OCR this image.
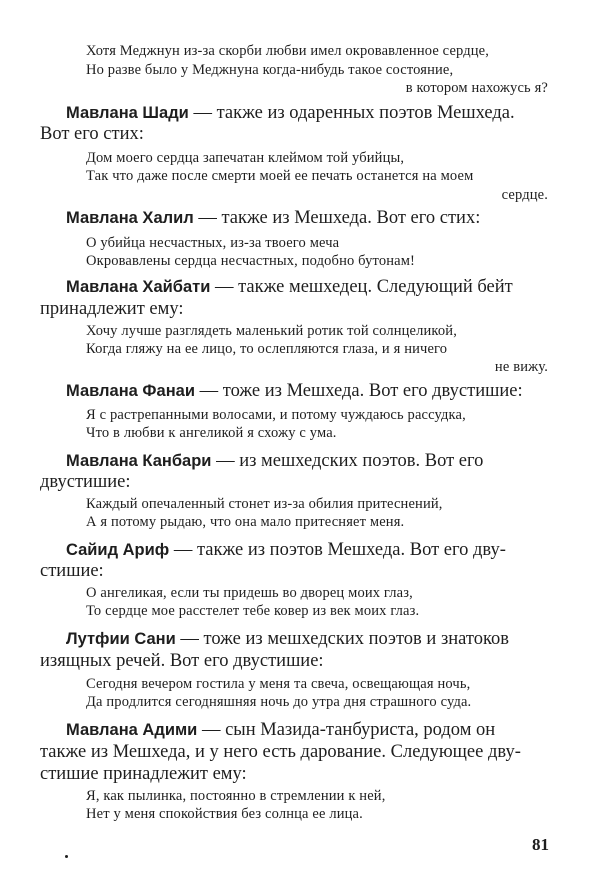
Хотя Меджнун из-за скорби любви имел окровавленное сердце,
Но разве было у Меджнуна когда-нибудь такое состояние,
в котором нахожусь я?
Мавлана Шади — также из одаренных поэтов Мешхеда.
Вот его стих:
Дом моего сердца запечатан клеймом той убийцы,
Так что даже после смерти моей ее печать останется на моем
сердце.
Мавлана Халил — также из Мешхеда. Вот его стих:
О убийца несчастных, из-за твоего меча
Окровавлены сердца несчастных, подобно бутонам!
Мавлана Хайбати — также мешхедец. Следующий бейт
принадлежит ему:
Хочу лучше разглядеть маленький ротик той солнцеликой,
Когда гляжу на ее лицо, то ослепляются глаза, и я ничего
не вижу.
Мавлана Фанаи — тоже из Мешхеда. Вот его двустишие:
Я с растрепанными волосами, и потому чуждаюсь рассудка,
Что в любви к ангеликой я схожу с ума.
Мавлана Канбари — из мешхедских поэтов. Вот его
двустишие:
Каждый опечаленный стонет из-за обилия притеснений,
А я потому рыдаю, что она мало притесняет меня.
Сайид Ариф — также из поэтов Мешхеда. Вот его дву-
стишие:
О ангеликая, если ты придешь во дворец моих глаз,
То сердце мое расстелет тебе ковер из век моих глаз.
Лутфии Сани — тоже из мешхедских поэтов и знатоков
изящных речей. Вот его двустишие:
Сегодня вечером гостила у меня та свеча, освещающая ночь,
Да продлится сегодняшняя ночь до утра дня страшного суда.
Мавлана Адими — сын Мазида-танбуриста, родом он
также из Мешхеда, и у него есть дарование. Следующее дву-
стишие принадлежит ему:
Я, как пылинка, постоянно в стремлении к ней,
Нет у меня спокойствия без солнца ее лица.
81
